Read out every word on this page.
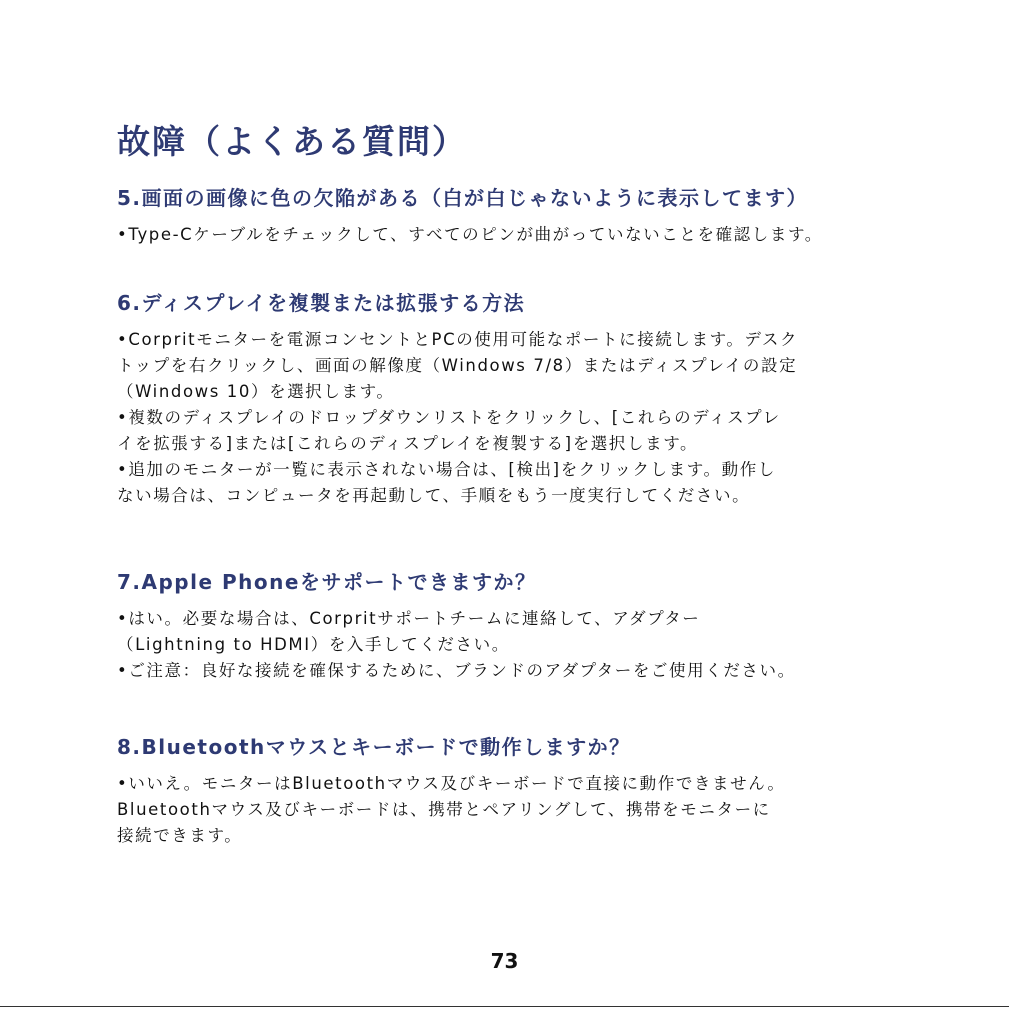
故障（よくある質問）
5.画面の画像に色の欠陥がある（白が白じゃないように表示してます）

•Type-Cケーブルをチェックして、すべてのピンが曲がっていないことを確認します。

6.ディスプレイを複製または拡張する方法

•Corpritモニターを電源コンセントとPCの使用可能なポートに接続します。デスク

トップを右クリックし、画面の解像度（Windows 7/8）またはディスプレイの設定

（Windows 10）を選択します。

•複数のディスプレイのドロップダウンリストをクリックし、[これらのディスプレ

イを拡張する]または[これらのディスプレイを複製する]を選択します。

•追加のモニターが一覧に表示されない場合は、[検出]をクリックします。動作し

ない場合は、コンピュータを再起動して、手順をもう一度実行してください。

7.Apple Phoneをサポートできますか？

•はい。必要な場合は、Corpritサポートチームに連絡して、アダプター

（Lightning to HDMI）を入手してください。

•ご注意：良好な接続を確保するために、ブランドのアダプターをご使用ください。

8.Bluetoothマウスとキーボードで動作しますか？

•いいえ。モニターはBluetoothマウス及びキーボードで直接に動作できません。

Bluetoothマウス及びキーボードは、携帯とペアリングして、携帯をモニターに

接続できます。

73
